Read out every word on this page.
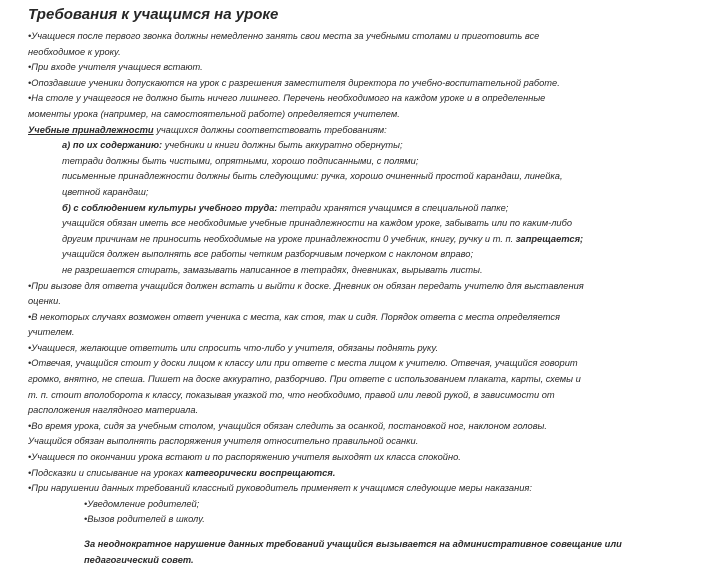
Требования к учащимся на уроке
•Учащиеся после первого звонка должны немедленно занять свои места за учебными столами и приготовить все
необходимое к уроку.
•При входе учителя учащиеся встают.
•Опоздавшие ученики допускаются на урок с разрешения заместителя директора по учебно-воспитательной работе.
•На столе у учащегося не должно быть ничего лишнего. Перечень необходимого на каждом уроке и в определенные
моменты урока (например, на самостоятельной работе) определяется учителем.
Учебные принадлежности учащихся должны соответствовать требованиям:
а) по их содержанию: учебники и книги должны быть аккуратно обернуты;
тетради должны быть чистыми, опрятными, хорошо подписанными, с полями;
письменные принадлежности должны быть следующими: ручка, хорошо очиненный простой карандаш, линейка,
цветной карандаш;
б) с соблюдением культуры учебного труда: тетради хранятся учащимся в специальной папке;
учащийся обязан иметь все необходимые учебные принадлежности на каждом уроке, забывать или по каким-либо
другим причинам не приносить необходимые на уроке принадлежности 0 учебник, книгу, ручку и т. п. запрещается;
учащийся должен выполнять все работы четким разборчивым почерком с наклоном вправо;
не разрешается стирать, замазывать написанное в тетрадях, дневниках, вырывать листы.
•При вызове для ответа учащийся должен встать и выйти к доске. Дневник он обязан передать учителю для выставления
оценки.
•В некоторых случаях возможен ответ ученика с места, как стоя, так и сидя. Порядок ответа с места определяется
учителем.
•Учащиеся, желающие ответить или спросить что-либо у учителя, обязаны поднять руку.
•Отвечая, учащийся стоит у доски лицом к классу или при ответе с места лицом к учителю. Отвечая, учащийся говорит
громко, внятно, не спеша. Пишет на доске аккуратно, разборчиво. При ответе с использованием плаката, карты, схемы и
т. п. стоит вполоборота к классу, показывая указкой то, что необходимо, правой или левой рукой, в зависимости от
расположения наглядного материала.
•Во время урока, сидя за учебным столом, учащийся обязан следить за осанкой, постановкой ног, наклоном головы.
Учащийся обязан выполнять распоряжения учителя относительно правильной осанки.
•Учащиеся по окончании урока встают и по распоряжению учителя выходят их класса спокойно.
•Подсказки и списывание на уроках категорически воспрещаются.
•При нарушении данных требований классный руководитель применяет к учащимся следующие меры наказания:
•Уведомление родителей;
•Вызов родителей в школу.
За неоднократное нарушение данных требований учащийся вызывается на административное совещание или
педагогический совет.
